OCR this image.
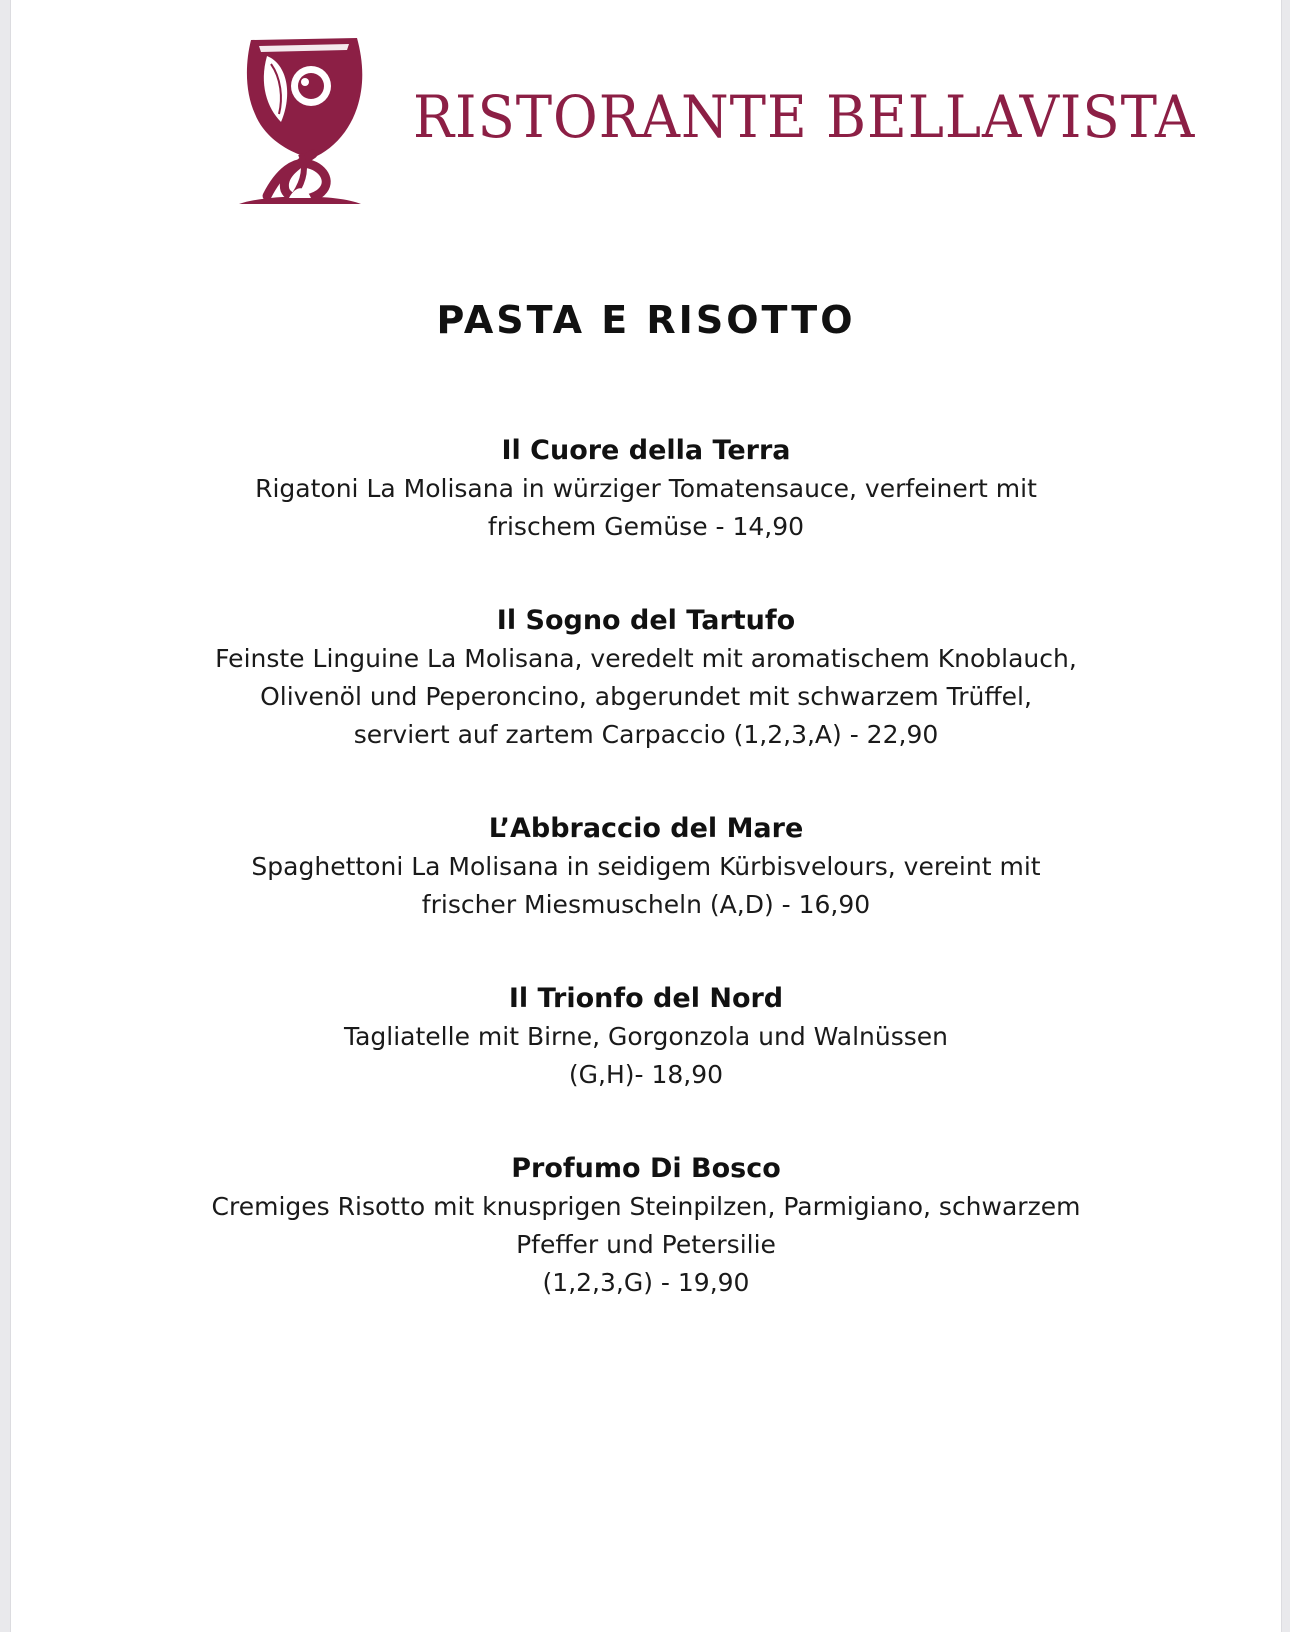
RISTORANTE BELLAVISTA
PASTA E RISOTTO
Il Cuore della Terra
Rigatoni La Molisana in würziger Tomatensauce, verfeinert mit
frischem Gemüse - 14,90
Il Sogno del Tartufo
Feinste Linguine La Molisana, veredelt mit aromatischem Knoblauch,
Olivenöl und Peperoncino, abgerundet mit schwarzem Trüffel,
serviert auf zartem Carpaccio (1,2,3,A) - 22,90
L’Abbraccio del Mare
Spaghettoni La Molisana in seidigem Kürbisvelours, vereint mit
frischer Miesmuscheln (A,D) - 16,90
Il Trionfo del Nord
Tagliatelle mit Birne, Gorgonzola und Walnüssen
(G,H)- 18,90
Profumo Di Bosco
Cremiges Risotto mit knusprigen Steinpilzen, Parmigiano, schwarzem
Pfeffer und Petersilie
(1,2,3,G) - 19,90
